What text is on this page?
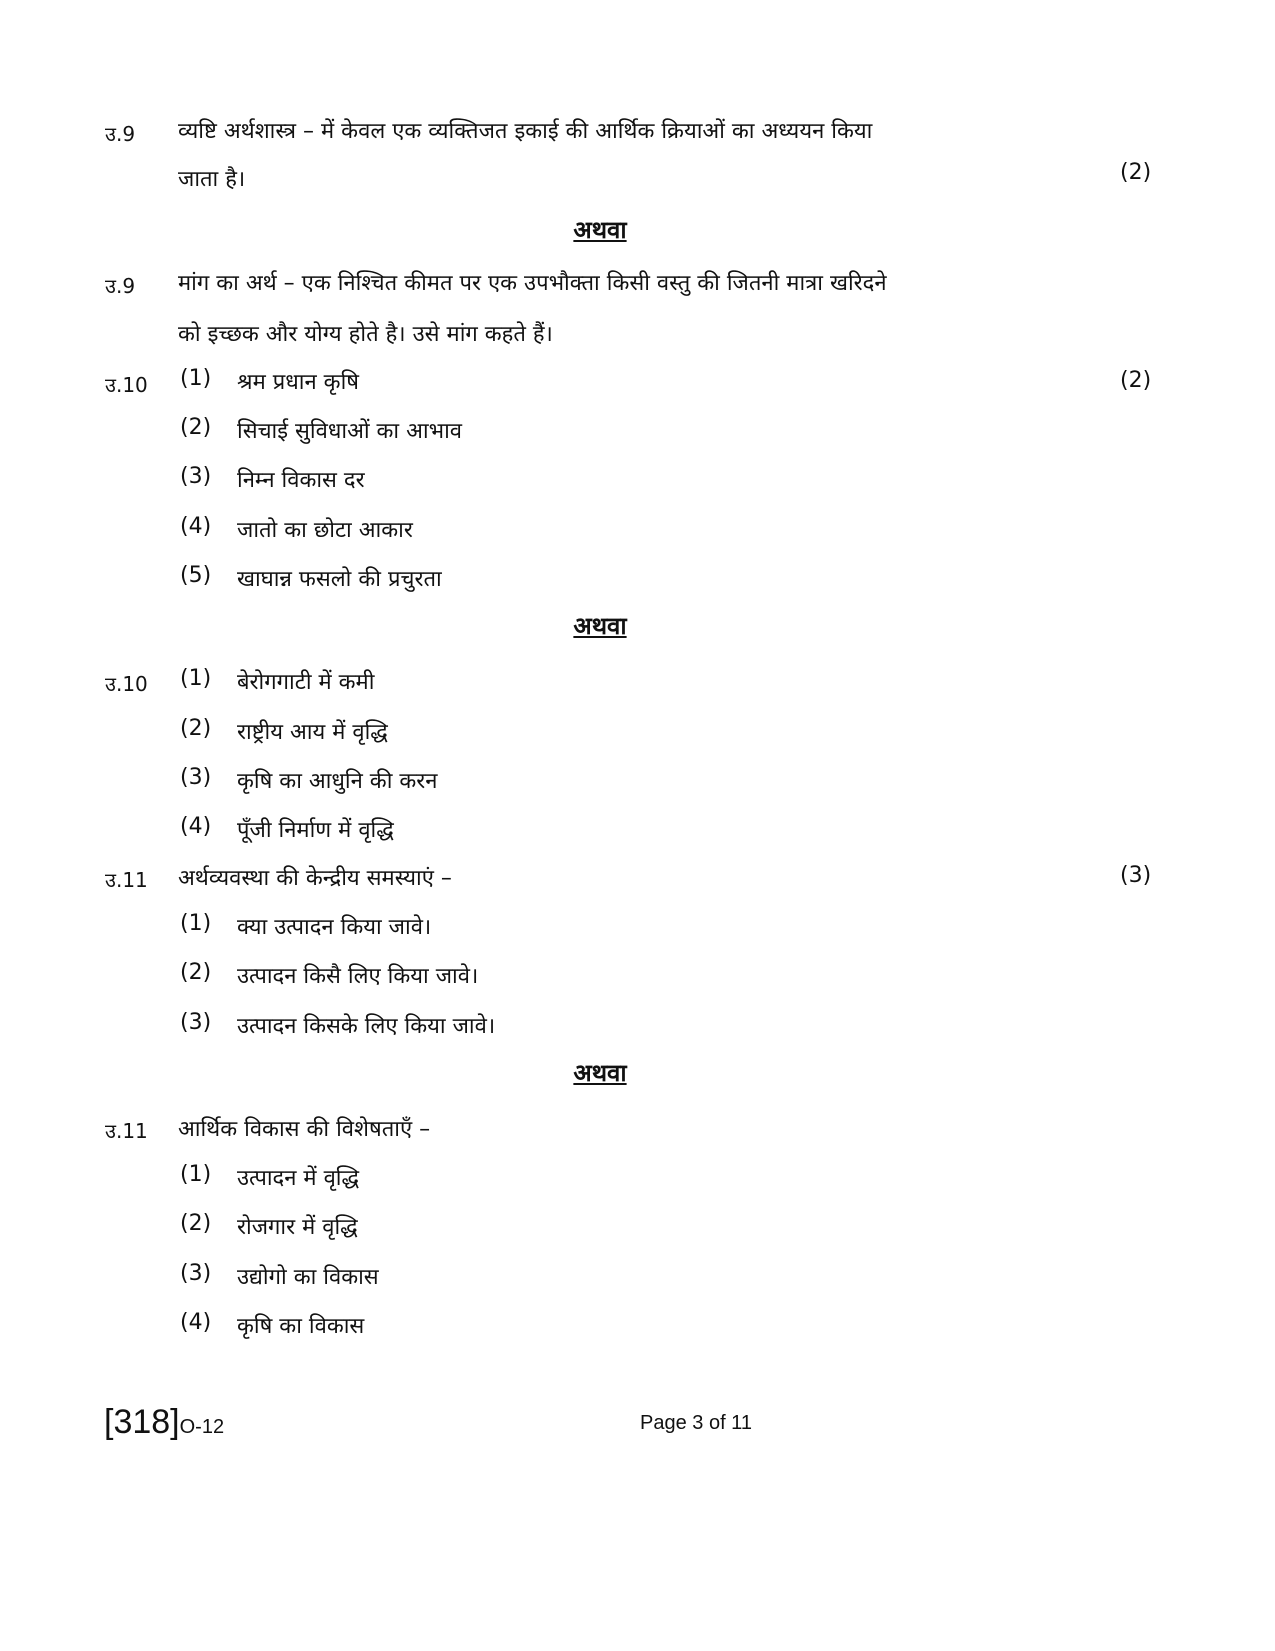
उ.9 व्यष्टि अर्थशास्त्र – में केवल एक व्यक्तिजत इकाई की आर्थिक क्रियाओं का अध्ययन किया
जाता है।	(2)
अथवा
उ.9 मांग का अर्थ – एक निश्चित कीमत पर एक उपभौक्ता किसी वस्तु की जितनी मात्रा खरिदने
को इच्छक और योग्य होते है। उसे मांग कहते हैं।
उ.10	(2)
(1) श्रम प्रधान कृषि
(2) सिचाई सुविधाओं का आभाव
(3) निम्न विकास दर
(4) जातो का छोटा आकार
(5) खाघान्न फसलो की प्रचुरता
अथवा
उ.10 (1) बेरोगगाटी में कमी
(2) राष्ट्रीय आय में वृद्धि
(3) कृषि का आधुनि की करन
(4) पूँजी निर्माण में वृद्धि
उ.11 अर्थव्यवस्था की केन्द्रीय समस्याएं –	(3)
(1) क्या उत्पादन किया जावे।
(2) उत्पादन किसै लिए किया जावे।
(3) उत्पादन किसके लिए किया जावे।
अथवा
उ.11 आर्थिक विकास की विशेषताएँ –
(1) उत्पादन में वृद्धि
(2) रोजगार में वृद्धि
(3) उद्योगो का विकास
(4) कृषि का विकास
[318]O-12	Page 3 of 11
